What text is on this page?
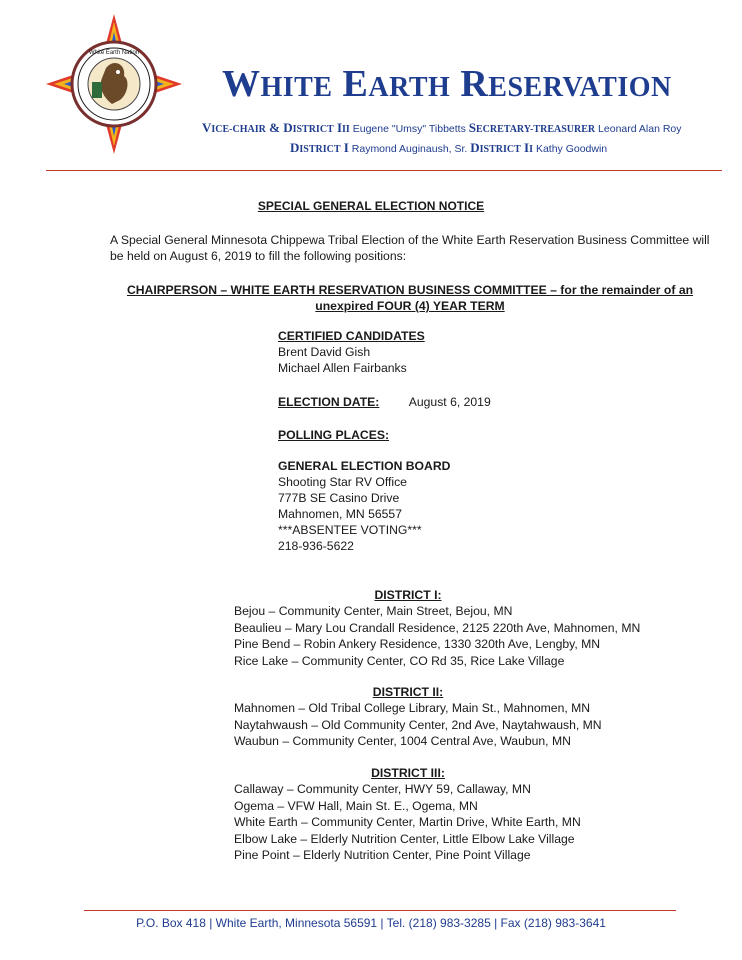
White Earth Nation
WHITE EARTH RESERVATION
VICE-CHAIR & DISTRICT III Eugene "Umsy" Tibbetts SECRETARY-TREASURER Leonard Alan Roy
DISTRICT I Raymond Auginaush, Sr. DISTRICT II Kathy Goodwin
SPECIAL GENERAL ELECTION NOTICE
A Special General Minnesota Chippewa Tribal Election of the White Earth Reservation Business Committee will be held on August 6, 2019 to fill the following positions:
CHAIRPERSON – WHITE EARTH RESERVATION BUSINESS COMMITTEE – for the remainder of an unexpired FOUR (4) YEAR TERM
CERTIFIED CANDIDATES
Brent David Gish
Michael Allen Fairbanks
ELECTION DATE: August 6, 2019
POLLING PLACES:
GENERAL ELECTION BOARD
Shooting Star RV Office
777B SE Casino Drive
Mahnomen, MN 56557
***ABSENTEE VOTING***
218-936-5622
DISTRICT I:
Bejou – Community Center, Main Street, Bejou, MN
Beaulieu – Mary Lou Crandall Residence, 2125 220th Ave, Mahnomen, MN
Pine Bend – Robin Ankery Residence, 1330 320th Ave, Lengby, MN
Rice Lake – Community Center, CO Rd 35, Rice Lake Village
DISTRICT II:
Mahnomen – Old Tribal College Library, Main St., Mahnomen, MN
Naytahwaush – Old Community Center, 2nd Ave, Naytahwaush, MN
Waubun – Community Center, 1004 Central Ave, Waubun, MN
DISTRICT III:
Callaway – Community Center, HWY 59, Callaway, MN
Ogema – VFW Hall, Main St. E., Ogema, MN
White Earth – Community Center, Martin Drive, White Earth, MN
Elbow Lake – Elderly Nutrition Center, Little Elbow Lake Village
Pine Point – Elderly Nutrition Center, Pine Point Village
P.O. Box 418 | White Earth, Minnesota 56591 | Tel. (218) 983-3285 | Fax (218) 983-3641
